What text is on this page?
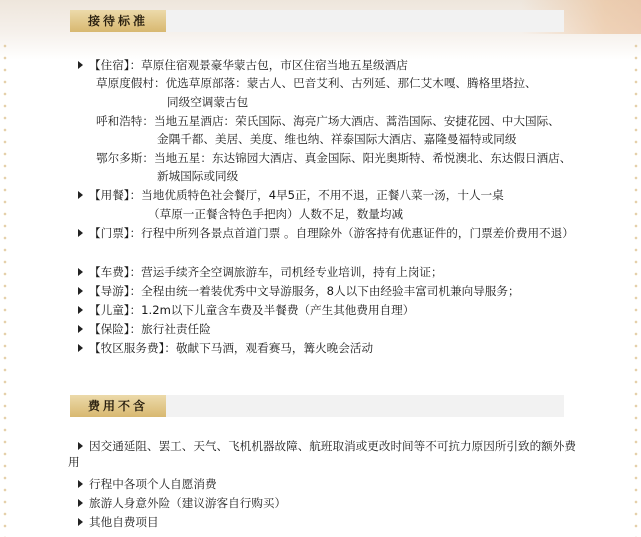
接待标准
【住宿】：草原住宿观景豪华蒙古包，市区住宿当地五星级酒店
草原度假村：优选草原部落：蒙古人、巴音艾利、古列延、那仁艾木嘎、腾格里塔拉、
同级空调蒙古包
呼和浩特：当地五星酒店：荣氏国际、海亮广场大酒店、蒿浩国际、安捷花园、中大国际、
金隅千都、美居、美度、维也纳、祥泰国际大酒店、嘉隆曼福特或同级
鄂尔多斯：当地五星：东达锦园大酒店、真金国际、阳光奥斯特、希悦澳北、东达假日酒店、
新城国际或同级
【用餐】：当地优质特色社会餐厅，4早5正，不用不退，正餐八菜一汤，十人一桌
（草原一正餐含特色手把肉）人数不足，数量均减
【门票】：行程中所列各景点首道门票 。自理除外（游客持有优惠证件的，门票差价费用不退）
【车费】：营运手续齐全空调旅游车，司机经专业培训，持有上岗证；
【导游】：全程由统一着装优秀中文导游服务，8人以下由经验丰富司机兼向导服务；
【儿童】：1.2m以下儿童含车费及半餐费（产生其他费用自理）
【保险】：旅行社责任险
【牧区服务费】：敬献下马酒，观看赛马，篝火晚会活动
费用不含
因交通延阻、罢工、天气、飞机机器故障、航班取消或更改时间等不可抗力原因所引致的额外费用
行程中各项个人自愿消费
旅游人身意外险（建议游客自行购买）
其他自费项目
